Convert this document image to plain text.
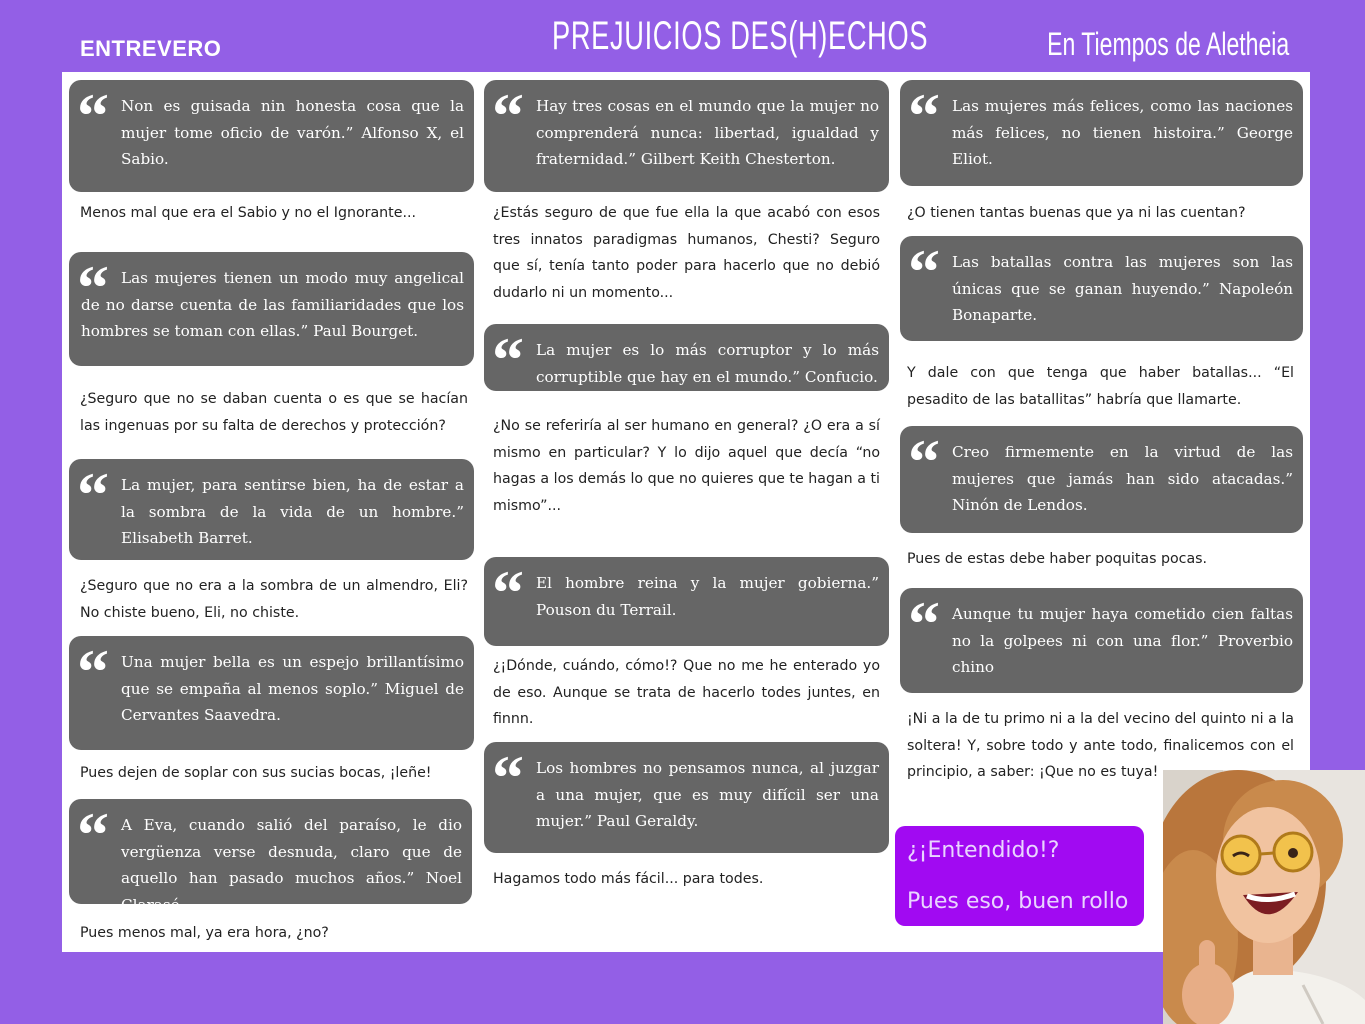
ENTREVERO	PREJUICIOS DES(H)ECHOS	En Tiempos de Aletheia
“ Non es guisada nin honesta cosa que la mujer tome oficio de varón.” Alfonso X, el Sabio.
Menos mal que era el Sabio y no el Ignorante...
“ Las mujeres tienen un modo muy angelical de no darse cuenta de las familiaridades que los hombres se toman con ellas.” Paul Bourget.
¿Seguro que no se daban cuenta o es que se hacían las ingenuas por su falta de derechos y protección?
“ La mujer, para sentirse bien, ha de estar a la sombra de la vida de un hombre.” Elisabeth Barret.
¿Seguro que no era a la sombra de un almendro, Eli? No chiste bueno, Eli, no chiste.
“ Una mujer bella es un espejo brillantísimo que se empaña al menos soplo.” Miguel de Cervantes Saavedra.
Pues dejen de soplar con sus sucias bocas, ¡leñe!
“ A Eva, cuando salió del paraíso, le dio vergüenza verse desnuda, claro que de aquello han pasado muchos años.” Noel Clarasó.
Pues menos mal, ya era hora, ¿no?
“ Hay tres cosas en el mundo que la mujer no comprenderá nunca: libertad, igualdad y fraternidad.” Gilbert Keith Chesterton.
¿Estás seguro de que fue ella la que acabó con esos tres innatos paradigmas humanos, Chesti? Seguro que sí, tenía tanto poder para hacerlo que no debió dudarlo ni un momento...
“ La mujer es lo más corruptor y lo más corruptible que hay en el mundo.” Confucio.
¿No se referiría al ser humano en general? ¿O era a sí mismo en particular? Y lo dijo aquel que decía “no hagas a los demás lo que no quieres que te hagan a ti mismo”...
“ El hombre reina y la mujer gobierna.” Pouson du Terrail.
¿¡Dónde, cuándo, cómo!? Que no me he enterado yo de eso. Aunque se trata de hacerlo todes juntes, en finnn.
“ Los hombres no pensamos nunca, al juzgar a una mujer, que es muy difícil ser una mujer.” Paul Geraldy.
Hagamos todo más fácil... para todes.
“ Las mujeres más felices, como las naciones más felices, no tienen histoira.” George Eliot.
¿O tienen tantas buenas que ya ni las cuentan?
“ Las batallas contra las mujeres son las únicas que se ganan huyendo.” Napoleón Bonaparte.
Y dale con que tenga que haber batallas... “El pesadito de las batallitas” habría que llamarte.
“ Creo firmemente en la virtud de las mujeres que jamás han sido atacadas.” Ninón de Lendos.
Pues de estas debe haber poquitas pocas.
“ Aunque tu mujer haya cometido cien faltas no la golpees ni con una flor.” Proverbio chino
¡Ni a la de tu primo ni a la del vecino del quinto ni a la soltera! Y, sobre todo y ante todo, finalicemos con el principio, a saber: ¡Que no es tuya!
¿¡Entendido!?
Pues eso, buen rollo
